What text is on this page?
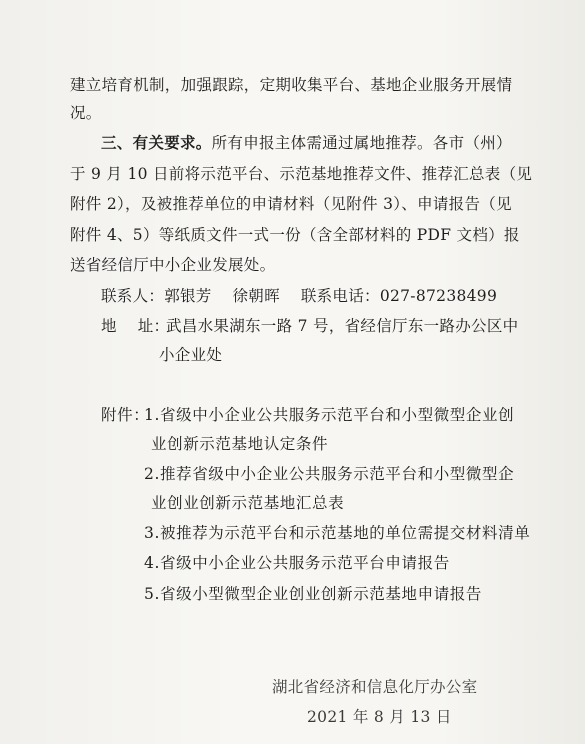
建立培育机制，加强跟踪，定期收集平台、基地企业服务开展情
况。
三、有关要求。所有申报主体需通过属地推荐。各市（州）
于 9 月 10 日前将示范平台、示范基地推荐文件、推荐汇总表（见
附件 2），及被推荐单位的申请材料（见附件 3）、申请报告（见
附件 4、5）等纸质文件一式一份（含全部材料的 PDF 文档）报
送省经信厅中小企业发展处。
联系人：郭银芳    徐朝晖    联系电话：027-87238499
地    址：
武昌水果湖东一路 7 号，省经信厅东一路办公区中
小企业处
附件：
1.省级中小企业公共服务示范平台和小型微型企业创
业创新示范基地认定条件
2.推荐省级中小企业公共服务示范平台和小型微型企
业创业创新示范基地汇总表
3.被推荐为示范平台和示范基地的单位需提交材料清单
4.省级中小企业公共服务示范平台申请报告
5.省级小型微型企业创业创新示范基地申请报告
湖北省经济和信息化厅办公室
2021 年 8 月 13 日
